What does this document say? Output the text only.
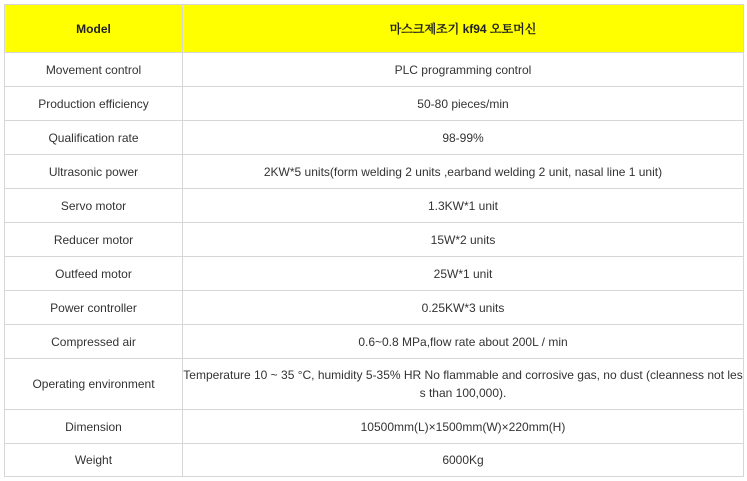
Model	마스크제조기 kf94 오토머신
Movement control	PLC programming control
Production efficiency	50-80 pieces/min
Qualification rate	98-99%
Ultrasonic power	2KW*5 units(form welding 2 units ,earband welding 2 unit, nasal line 1 unit)
Servo motor	1.3KW*1 unit
Reducer motor	15W*2 units
Outfeed motor	25W*1 unit
Power controller	0.25KW*3 units
Compressed air	0.6~0.8 MPa,flow rate about 200L / min
Operating environment	Temperature 10 ~ 35 °C, humidity 5-35% HR No flammable and corrosive gas, no dust (cleanness not les
s than 100,000).
Dimension	10500mm(L)×1500mm(W)×220mm(H)
Weight	6000Kg
